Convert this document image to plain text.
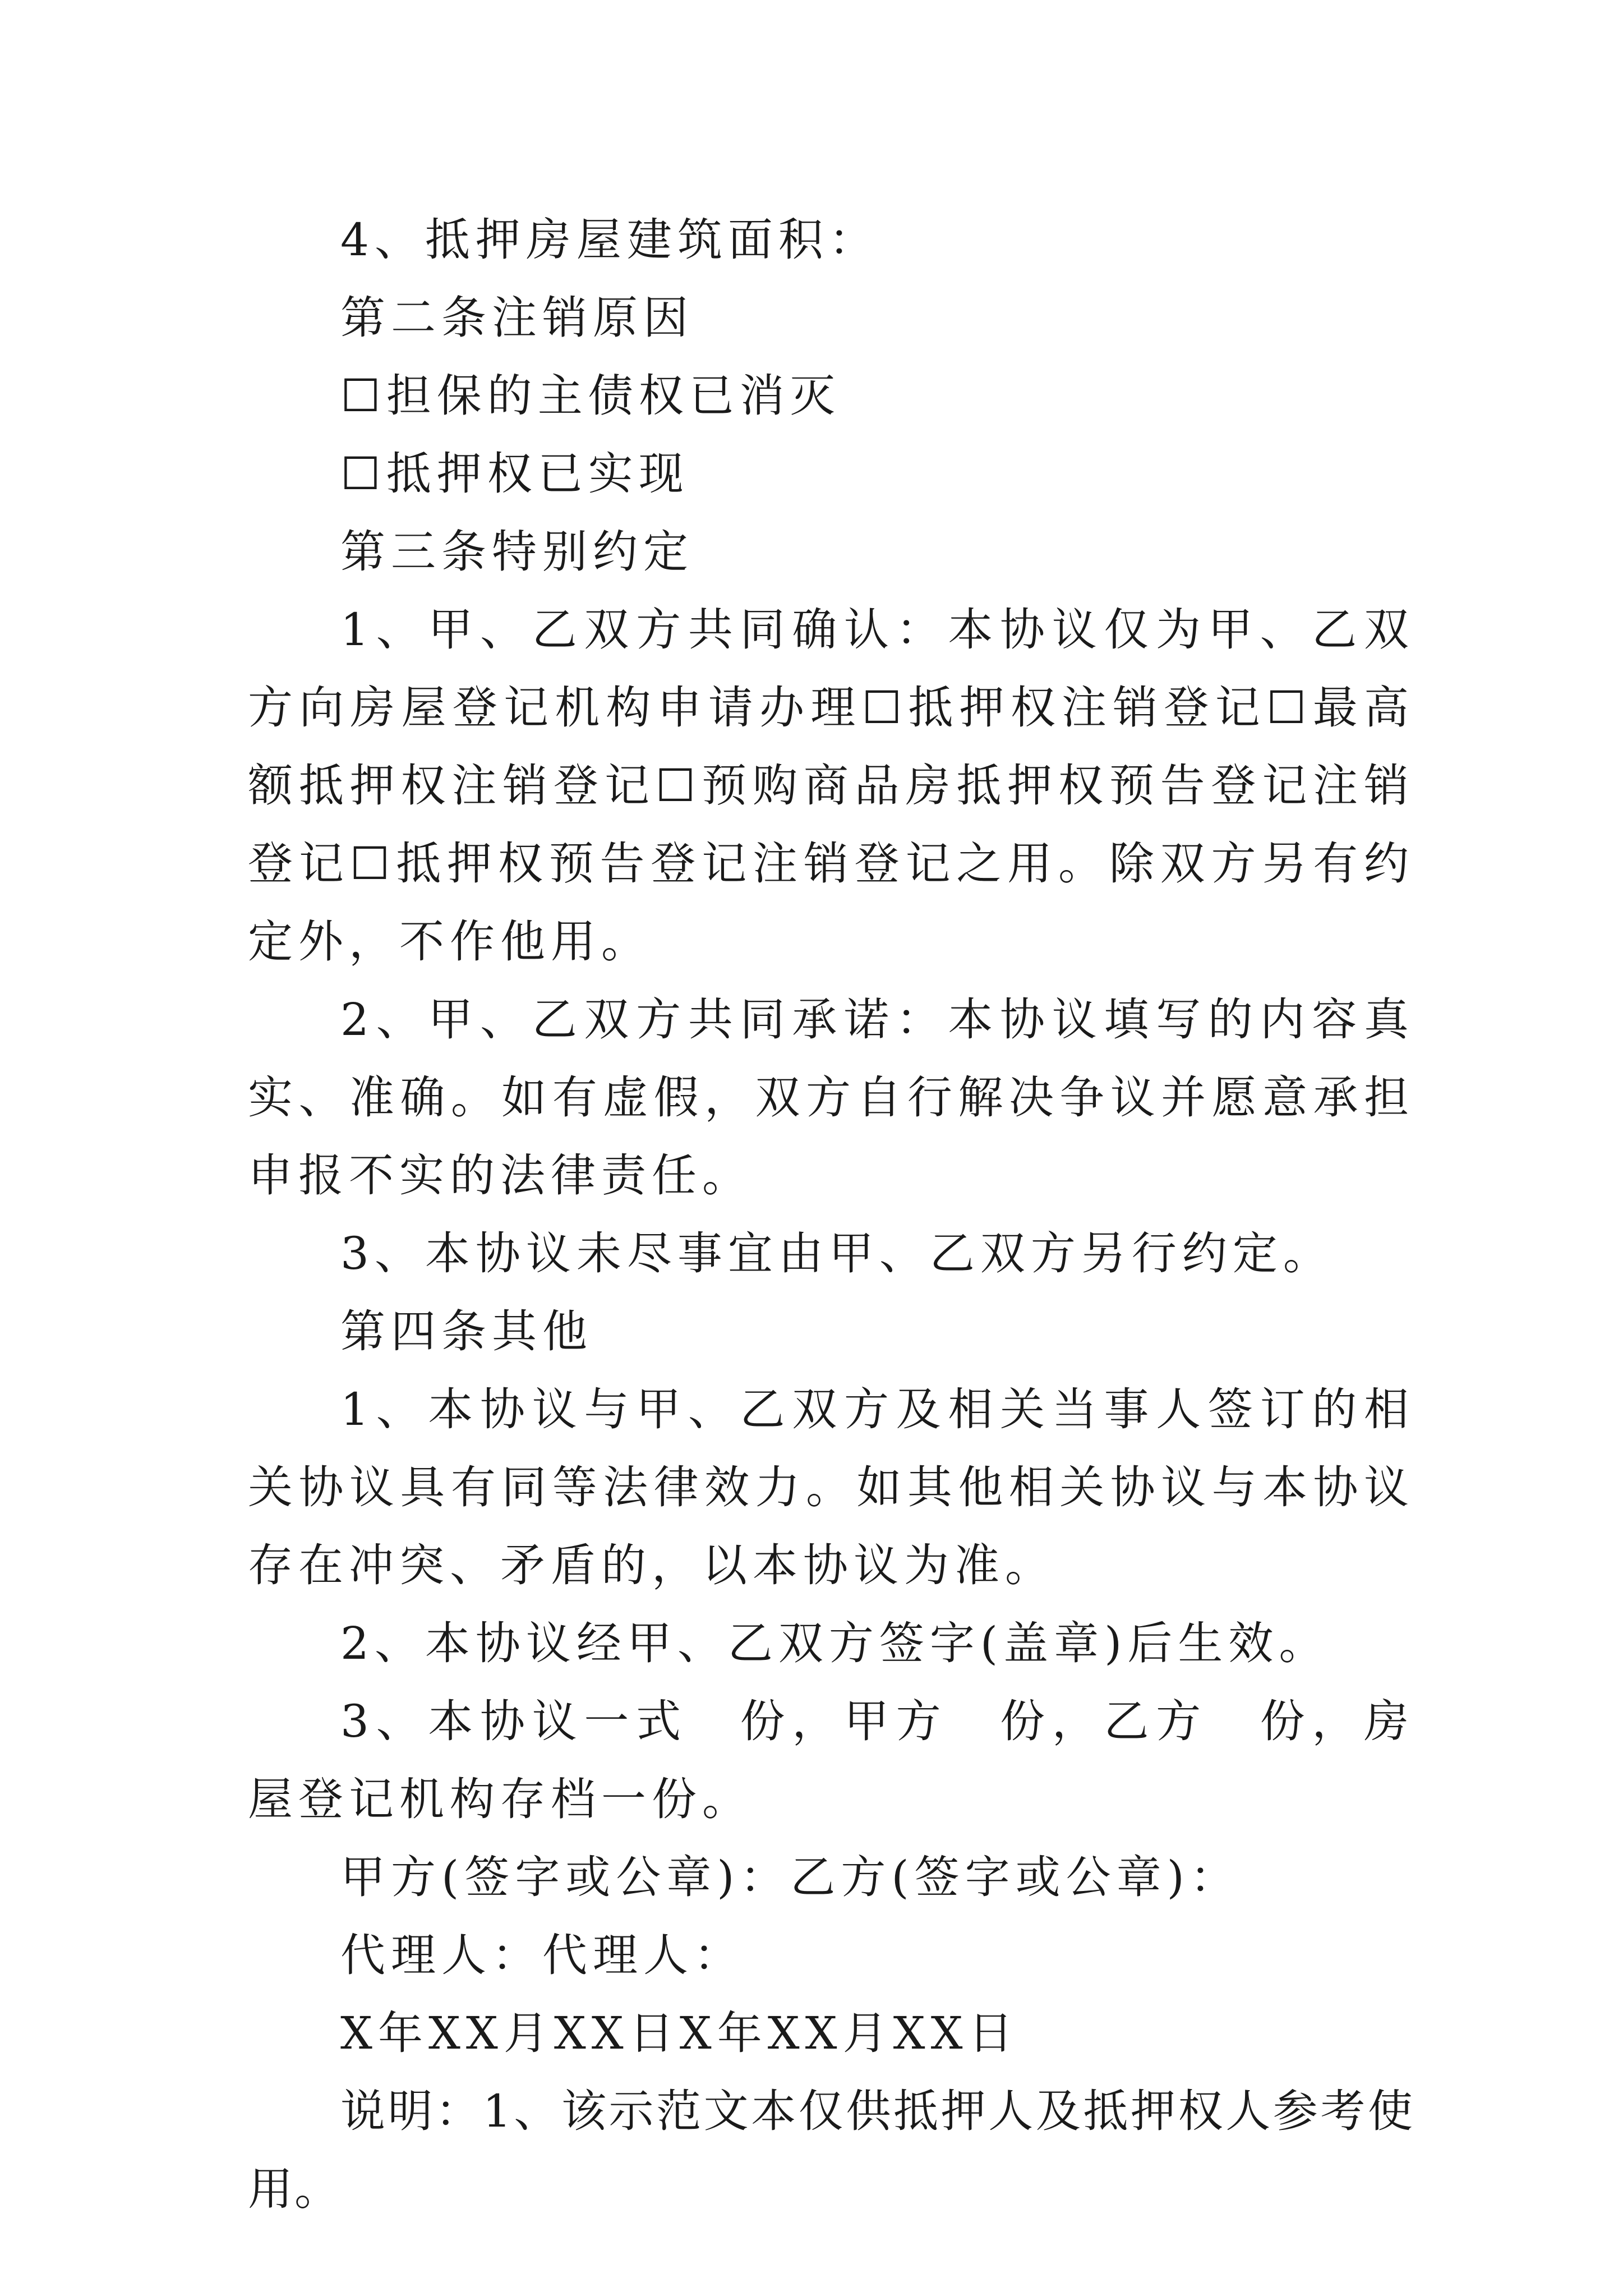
4、抵押房屋建筑面积：

第二条注销原因

☐担保的主债权已消灭

☐抵押权已实现

第三条特别约定

1、甲、乙双方共同确认：本协议仅为甲、乙双方向房屋登记机构申请办理☐抵押权注销登记☐最高额抵押权注销登记☐预购商品房抵押权预告登记注销登记☐抵押权预告登记注销登记之用。除双方另有约定外，不作他用。

2、甲、乙双方共同承诺：本协议填写的内容真实、准确。如有虚假，双方自行解决争议并愿意承担申报不实的法律责任。

3、本协议未尽事宜由甲、乙双方另行约定。

第四条其他

1、本协议与甲、乙双方及相关当事人签订的相关协议具有同等法律效力。如其他相关协议与本协议存在冲突、矛盾的，以本协议为准。

2、本协议经甲、乙双方签字(盖章)后生效。

3、本协议一式　份，甲方　份，乙方　份，房屋登记机构存档一份。

甲方(签字或公章)：乙方(签字或公章)：

代理人：代理人：

X年XX月XX日X年XX月XX日

说明：1、该示范文本仅供抵押人及抵押权人参考使用。
